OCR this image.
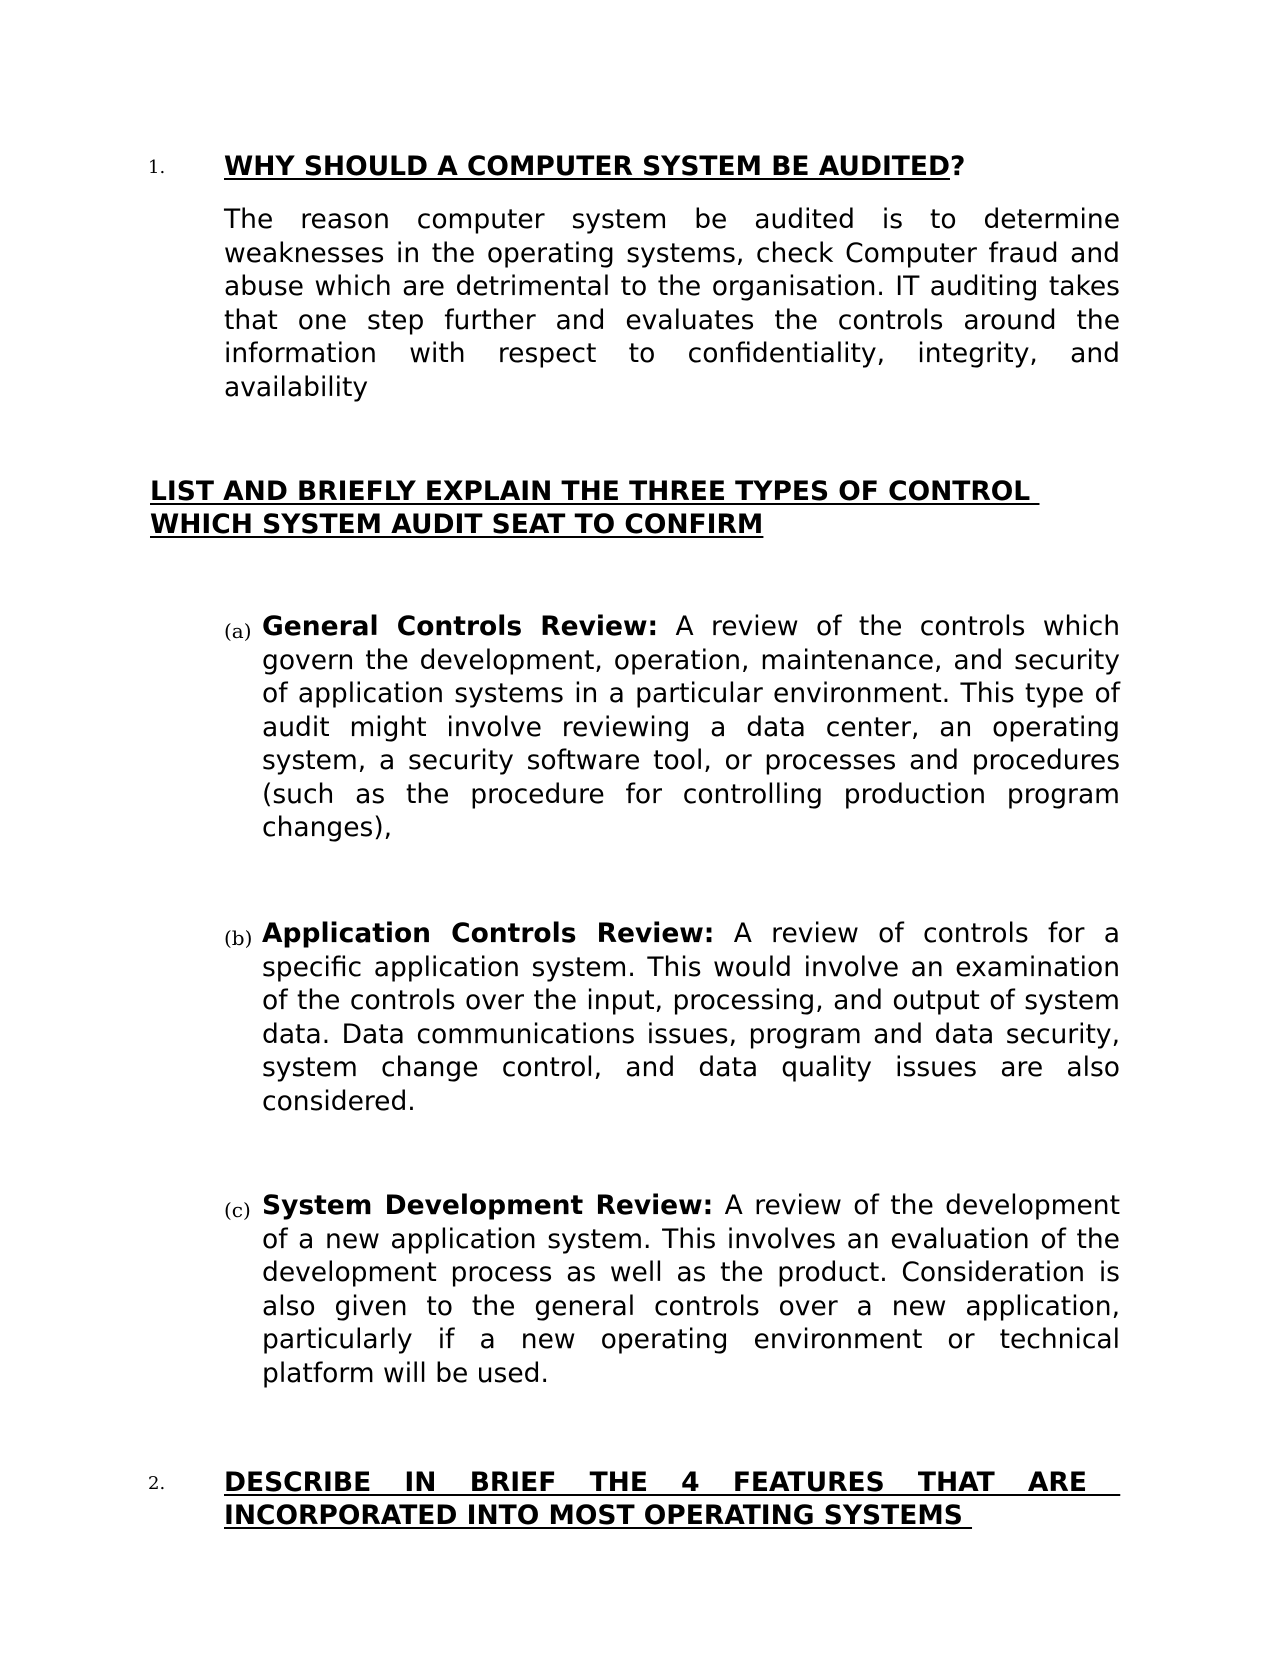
1. WHY SHOULD A COMPUTER SYSTEM BE AUDITED?
The reason computer system be audited is to determine weaknesses in the operating systems, check Computer fraud and abuse which are detrimental to the organisation. IT auditing takes that one step further and evaluates the controls around the information with respect to confidentiality, integrity, and availability
LIST AND BRIEFLY EXPLAIN THE THREE TYPES OF CONTROL
WHICH SYSTEM AUDIT SEAT TO CONFIRM
(a) General Controls Review: A review of the controls which govern the development, operation, maintenance, and security of application systems in a particular environment. This type of audit might involve reviewing a data center, an operating system, a security software tool, or processes and procedures (such as the procedure for controlling production program changes),
(b) Application Controls Review: A review of controls for a specific application system. This would involve an examination of the controls over the input, processing, and output of system data. Data communications issues, program and data security, system change control, and data quality issues are also considered.
(c) System Development Review: A review of the development of a new application system. This involves an evaluation of the development process as well as the product. Consideration is also given to the general controls over a new application, particularly if a new operating environment or technical platform will be used.
2. DESCRIBE IN BRIEF THE 4 FEATURES THAT ARE
INCORPORATED INTO MOST OPERATING SYSTEMS
